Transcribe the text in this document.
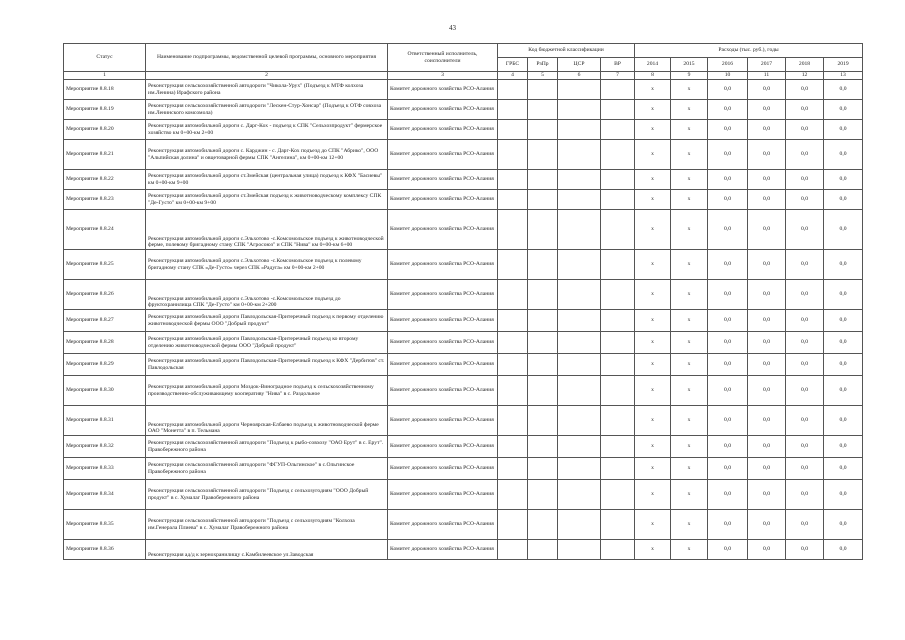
43
Статус	Наименование подпрограммы, ведомственной целевой программы, основного мероприятия	Ответственный исполнитель, соисполнители	Код бюджетной классификации				Расходы (тыс. руб.), годы					
			ГРБС	РзПр	ЦСР	ВР	2014	2015	2016	2017	2018	2019
1	2	3	4	5	6	7	8	9	10	11	12	13
Мероприятие 8.8.18	Реконструкция сельскохозяйственной автодороги "Чикола-Урух" (Подъезд к МТФ колхоза им.Ленина) Ирафского района	Комитет дорожного хозяйства РСО-Алания					х	х	0,0	0,0	0,0	0,0
Мероприятие 8.8.19	Реконструкция сельскохозяйственной автодороги "Лескен-Стур-Хонсар" (Подъезд к ОТФ совхоза им.Ленинского комсомола)	Комитет дорожного хозяйства РСО-Алания					х	х	0,0	0,0	0,0	0,0
Мероприятие 8.8.20	Реконструкция автомобильной дороги с. Дарг-Кох - подъезд к СПК "Сельхозпродукт" фермерское хозяйство км 0+00-км 2+00	Комитет дорожного хозяйства РСО-Алания					х	х	0,0	0,0	0,0	0,0
Мероприятие 8.8.21	Реконструкция автомобильной дороги с. Карджин - с. Дарг-Кох подъезд до СПК "Абрико", ООО "Альпийская долина" и овцетоварной фермы СПК "Ангелина", км 0+00-км 12+00	Комитет дорожного хозяйства РСО-Алания					х	х	0,0	0,0	0,0	0,0
Мероприятие 8.8.22	Реконструкция автомобильной дороги ст.Змейская (центральная улица) подъезд к КФХ "Басиевы" км 0+00-км 9+00	Комитет дорожного хозяйства РСО-Алания					х	х	0,0	0,0	0,0	0,0
Мероприятие 8.8.23	Реконструкция автомобильной дороги ст.Змейская подъезд к животноводческому комплексу СПК "Де-Густо" км 0+00-км 9+00	Комитет дорожного хозяйства РСО-Алания					х	х	0,0	0,0	0,0	0,0
Мероприятие 8.8.24	Реконструкция автомобильной дороги с.Эльхотово -с.Комсомольское подъезд к животноводческой ферме, полевому бригадному стану СПК "Агросоюз" и СПК "Нива" км 0+00-км 6+00	Комитет дорожного хозяйства РСО-Алания					х	х	0,0	0,0	0,0	0,0
Мероприятие 8.8.25	Реконструкция автомобильной дороги с.Эльхотово -с.Комсомольское подъезд к полевому бригадному стану СПК «Де-Густо» через СПК «Радуга» км 0+00-км 2+00	Комитет дорожного хозяйства РСО-Алания					х	х	0,0	0,0	0,0	0,0
Мероприятие 8.8.26	Реконструкция автомобильной дороги с.Эльхотово -с.Комсомольское подъезд до фруктохранилища СПК "Де-Густо" км 0+00-км 2+200	Комитет дорожного хозяйства РСО-Алания					х	х	0,0	0,0	0,0	0,0
Мероприятие 8.8.27	Реконструкция автомобильной дороги Павлодольская-Притеречный подъезд к первому отделению животноводческой фермы ООО "Добрый продукт"	Комитет дорожного хозяйства РСО-Алания					х	х	0,0	0,0	0,0	0,0
Мероприятие 8.8.28	Реконструкция автомобильной дороги Павлодольская-Притеречный подъезд ко второму отделению животноводческой фермы ООО "Добрый продукт"	Комитет дорожного хозяйства РСО-Алания					х	х	0,0	0,0	0,0	0,0
Мероприятие 8.8.29	Реконструкция автомобильной дороги Павлодольская-Притеречный подъезд к КФХ "Дербитов" ст. Павлодольская	Комитет дорожного хозяйства РСО-Алания					х	х	0,0	0,0	0,0	0,0
Мероприятие 8.8.30	Реконструкция автомобильной дороги Моздок-Виноградное подъезд к сельскохозяйственному производственно-обслуживающему кооперативу "Нива" в с. Раздольное	Комитет дорожного хозяйства РСО-Алания					х	х	0,0	0,0	0,0	0,0
Мероприятие 8.8.31	Реконструкция автомобильной дороги Черноярская-Елбаево подъезд к животноводческой ферме ОАО "Монетта" в п. Тельмана	Комитет дорожного хозяйства РСО-Алания					х	х	0,0	0,0	0,0	0,0
Мероприятие 8.8.32	Реконструкция сельскохозяйственной автодороги "Подъезд к рыбо-совхозу "ОАО Ерут" в с. Ерут". Правобережного района	Комитет дорожного хозяйства РСО-Алания					х	х	0,0	0,0	0,0	0,0
Мероприятие 8.8.33	Реконструкция сельскохозяйственной автодороги "ФГУП-Ольгинское" в с.Ольгинское Правобережного района	Комитет дорожного хозяйства РСО-Алания					х	х	0,0	0,0	0,0	0,0
Мероприятие 8.8.34	Реконструкция сельскохозяйственной автодороги "Подъезд с сельхозугодиям "ООО Добрый продукт" в с. Хумалаг Правобережного района	Комитет дорожного хозяйства РСО-Алания					х	х	0,0	0,0	0,0	0,0
Мероприятие 8.8.35	Реконструкция сельскохозяйственной автодороги "Подъезд с сельхозугодиям "Колхоза им.Генерала Плиева" в с. Хумалаг Правобережного района	Комитет дорожного хозяйства РСО-Алания					х	х	0,0	0,0	0,0	0,0
Мероприятие 8.8.36	Реконструкция ад/д к зернохранилищу с.Камбилеевское ул.Заводская	Комитет дорожного хозяйства РСО-Алания					х	х	0,0	0,0	0,0	0,0
